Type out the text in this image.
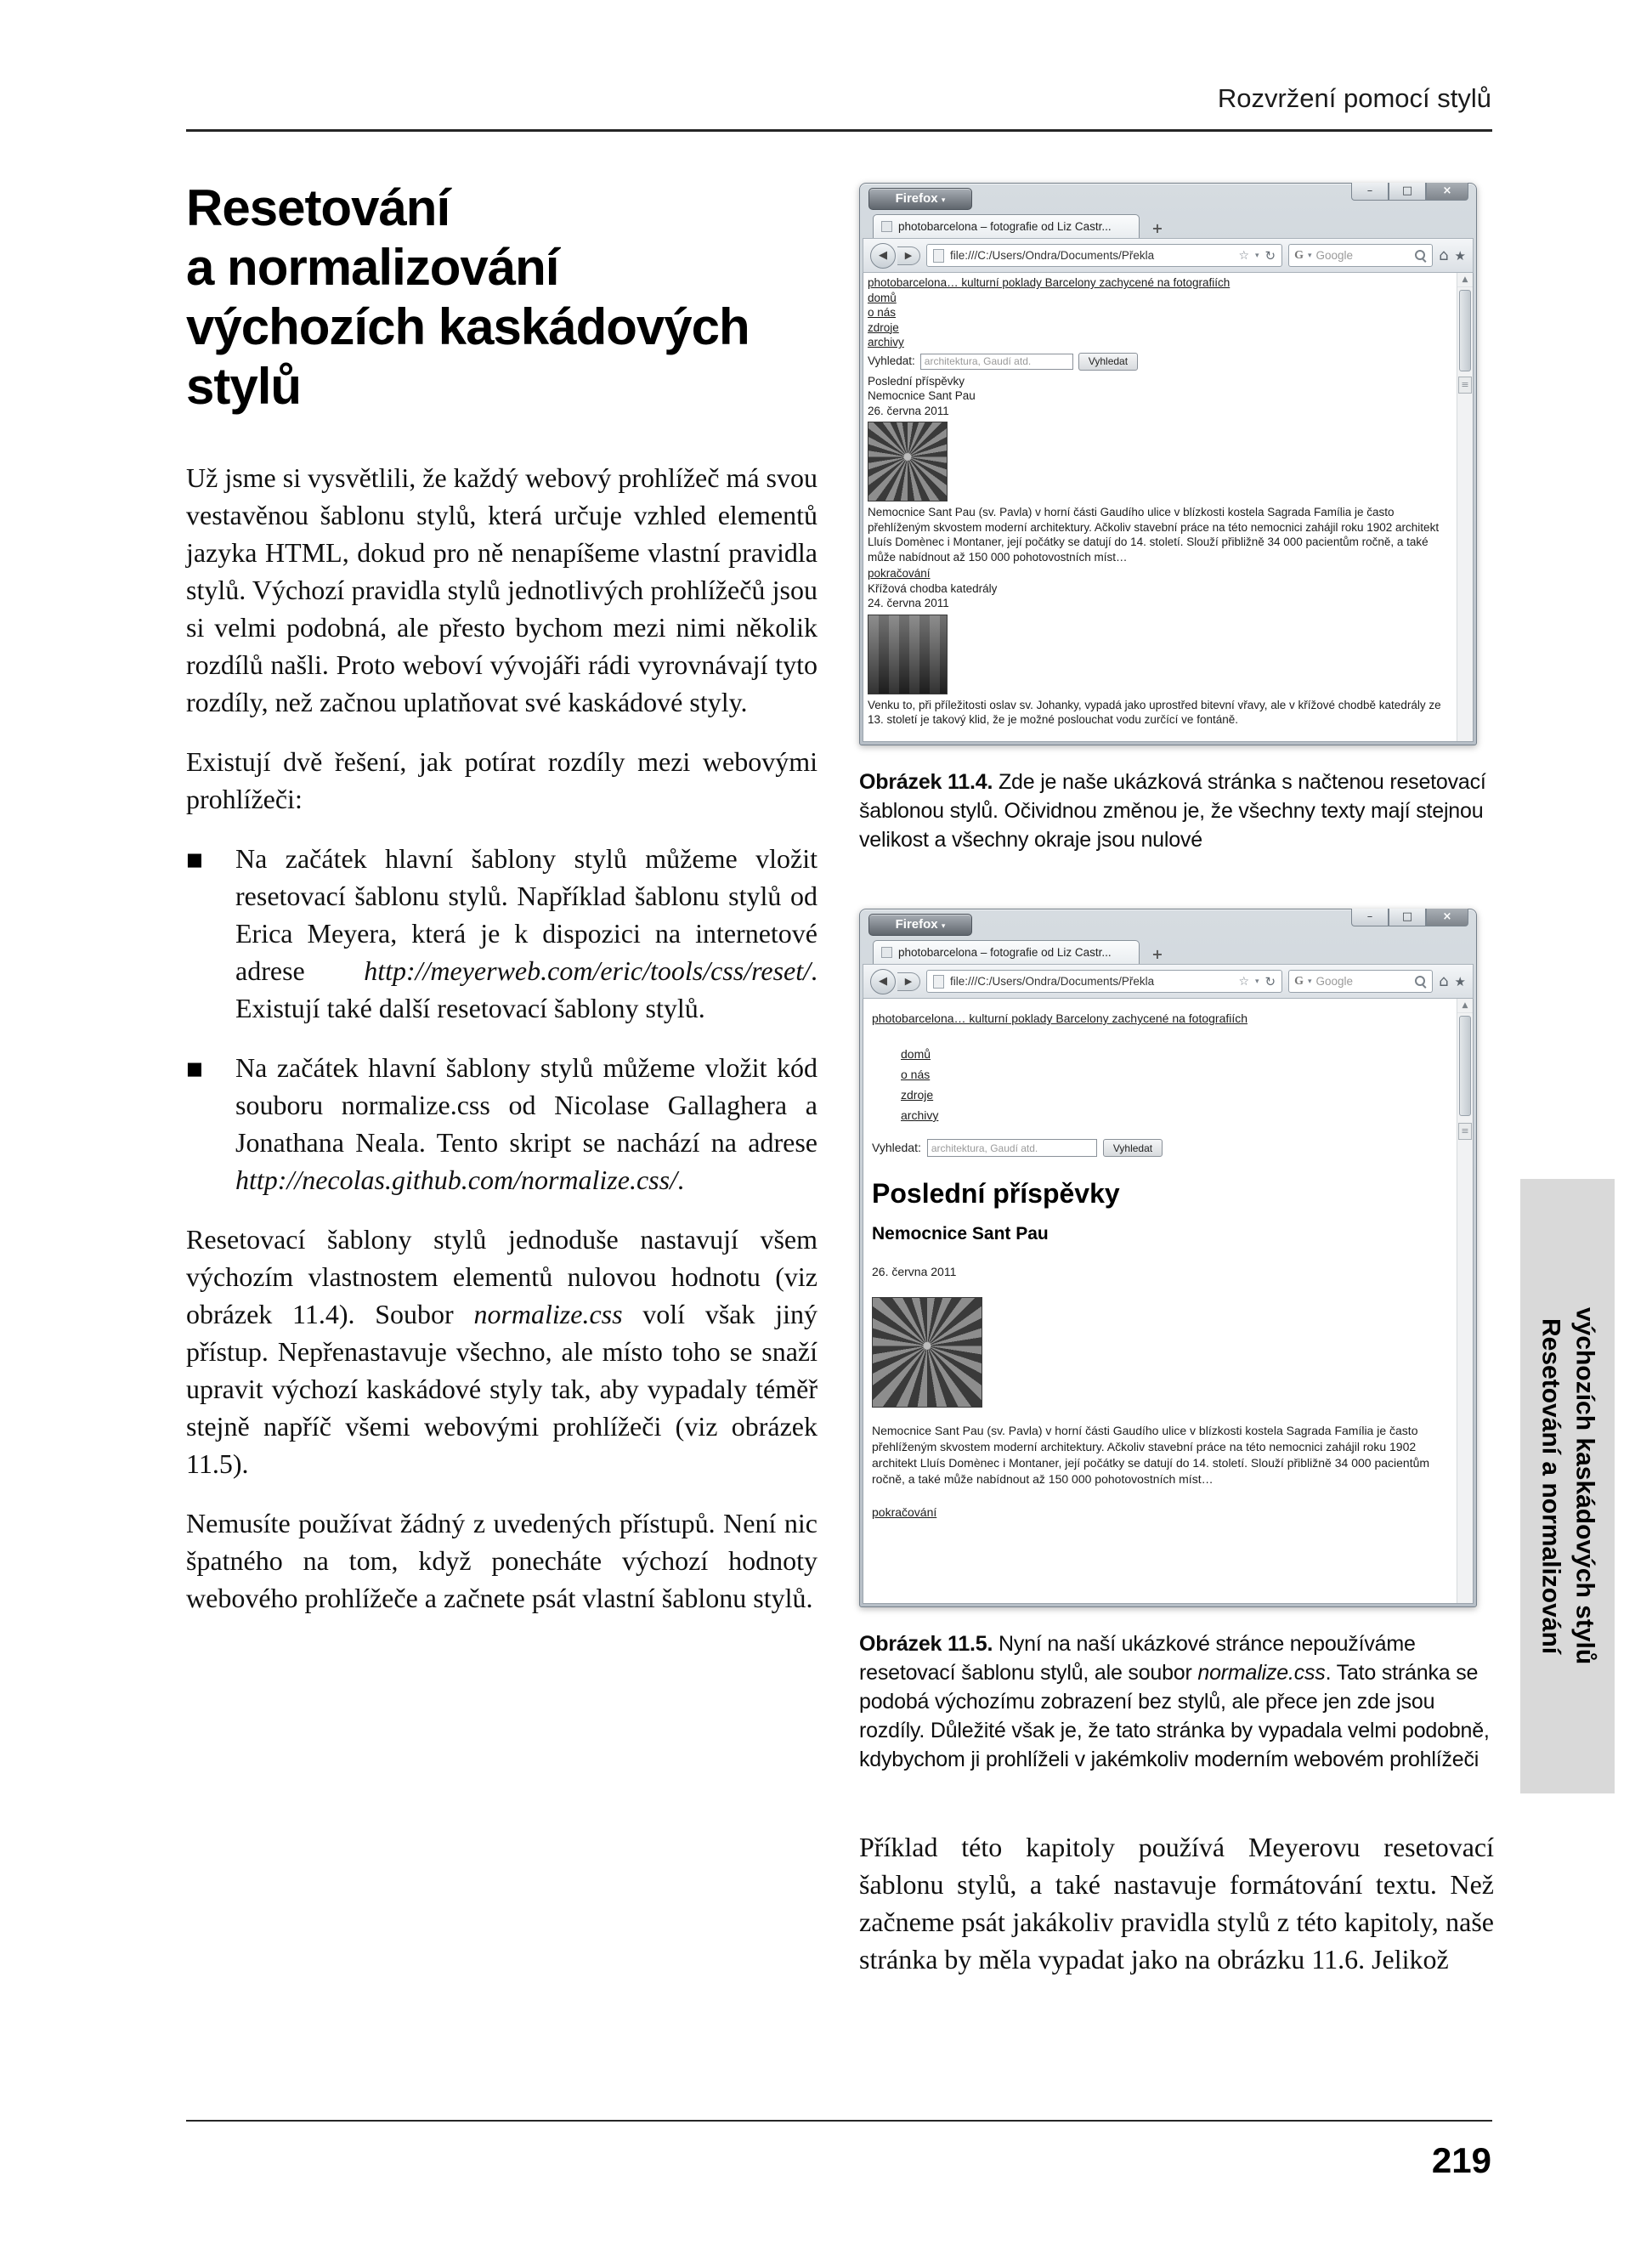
Rozvržení pomocí stylů
Resetování
a normalizování
výchozích kaskádových
stylů

Už jsme si vysvětlili, že každý webový prohlížeč má svou vestavěnou šablonu stylů, která určuje vzhled elementů jazyka HTML, dokud pro ně nenapíšeme vlastní pravidla stylů. Výchozí pravidla stylů jednotlivých prohlížečů jsou si velmi podobná, ale přesto bychom mezi nimi několik rozdílů našli. Proto weboví vývojáři rádi vyrovnávají tyto rozdíly, než začnou uplatňovat své kaskádové styly.

Existují dvě řešení, jak potírat rozdíly mezi webovými prohlížeči:

■	Na začátek hlavní šablony stylů můžeme vložit resetovací šablonu stylů. Například šablonu stylů od Erica Meyera, která je k dispozici na internetové adrese http://meyerweb.com/eric/tools/css/reset/. Existují také další resetovací šablony stylů.
■	Na začátek hlavní šablony stylů můžeme vložit kód souboru normalize.css od Nicolase Gallaghera a Jonathana Neala. Tento skript se nachází na adrese http://necolas.github.com/normalize.css/.

Resetovací šablony stylů jednoduše nastavují všem výchozím vlastnostem elementů nulovou hodnotu (viz obrázek 11.4). Soubor normalize.css volí však jiný přístup. Nepřenastavuje všechno, ale místo toho se snaží upravit výchozí kaskádové styly tak, aby vypadaly téměř stejně napříč všemi webovými prohlížeči (viz obrázek 11.5).

Nemusíte používat žádný z uvedených přístupů. Není nic špatného na tom, když ponecháte výchozí hodnoty webového prohlížeče a začnete psát vlastní šablonu stylů.

Firefox ▾
–	□	×
photobarcelona – fotografie od Liz Castr...	+
◀	▶	file:///C:/Users/Ondra/Documents/Překla	☆ ▾ ↻ G ▾ Google	⌂ ★
photobarcelona… kulturní poklady Barcelony zachycené na fotografiích
domů
o nás
zdroje
archivy
Vyhledat:
architektura, Gaudí atd.	Vyhledat
Poslední příspěvky
Nemocnice Sant Pau
26. června 2011

Nemocnice Sant Pau (sv. Pavla) v horní části Gaudího ulice v blízkosti kostela Sagrada Família je často přehlíženým skvostem moderní architektury. Ačkoliv stavební práce na této nemocnici zahájil roku 1902 architekt Lluís Domènec i Montaner, její počátky se datují do 14. století. Slouží přibližně 34 000 pacientům ročně, a také může nabídnout až 150 000 pohotovostních míst…

pokračování
Křížová chodba katedrály
24. června 2011

Venku to, při příležitosti oslav sv. Johanky, vypadá jako uprostřed bitevní vřavy, ale v křížové chodbě katedrály ze 13. století je takový klid, že je možné poslouchat vodu zurčící ve fontáně.

▲
≡

Obrázek 11.4. Zde je naše ukázková stránka s načtenou resetovací šablonou stylů. Očividnou změnou je, že všechny texty mají stejnou velikost a všechny okraje jsou nulové

Firefox ▾
–	□	×
photobarcelona – fotografie od Liz Castr...	+
◀	▶	file:///C:/Users/Ondra/Documents/Překla	☆ ▾ ↻ G ▾ Google	⌂ ★
photobarcelona… kulturní poklady Barcelony zachycené na fotografiích
domů
o nás
zdroje
archivy
Vyhledat:
architektura, Gaudí atd.	Vyhledat
Poslední příspěvky
Nemocnice Sant Pau
26. června 2011

Nemocnice Sant Pau (sv. Pavla) v horní části Gaudího ulice v blízkosti kostela Sagrada Família je často přehlíženým skvostem moderní architektury. Ačkoliv stavební práce na této nemocnici zahájil roku 1902 architekt Lluís Domènec i Montaner, její počátky se datují do 14. století. Slouží přibližně 34 000 pacientům ročně, a také může nabídnout až 150 000 pohotovostních míst…

pokračování
▲
≡

Obrázek 11.5. Nyní na naší ukázkové stránce nepoužíváme resetovací šablonu stylů, ale soubor normalize.css. Tato stránka se podobá výchozímu zobrazení bez stylů, ale přece jen zde jsou rozdíly. Důležité však je, že tato stránka by vypadala velmi podobně, kdybychom ji prohlíželi v jakémkoliv moderním webovém prohlížeči

Příklad této kapitoly používá Meyerovu resetovací šablonu stylů, a také nastavuje formátování textu. Než začneme psát jakákoliv pravidla stylů z této kapitoly, naše stránka by měla vypadat jako na obrázku 11.6. Jelikož

Resetování a normalizování výchozích kaskádových stylů
219
